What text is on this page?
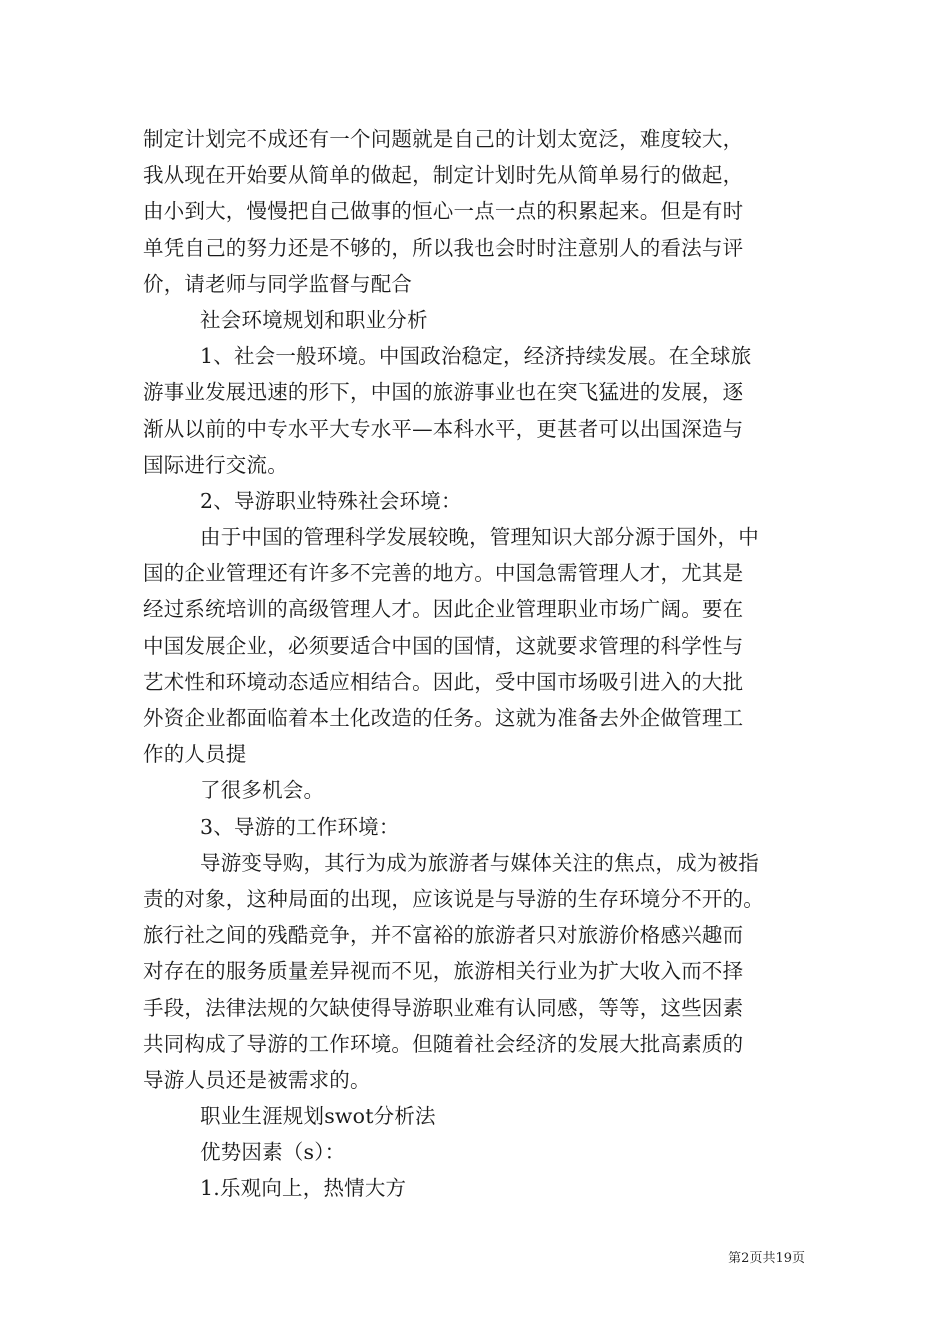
制定计划完不成还有一个问题就是自己的计划太宽泛，难度较大，
我从现在开始要从简单的做起，制定计划时先从简单易行的做起，
由小到大，慢慢把自己做事的恒心一点一点的积累起来。但是有时
单凭自己的努力还是不够的，所以我也会时时注意别人的看法与评
价，请老师与同学监督与配合
社会环境规划和职业分析
1、社会一般环境。中国政治稳定，经济持续发展。在全球旅
游事业发展迅速的形下，中国的旅游事业也在突飞猛进的发展，逐
渐从以前的中专水平大专水平—本科水平，更甚者可以出国深造与
国际进行交流。
2、导游职业特殊社会环境：
由于中国的管理科学发展较晚，管理知识大部分源于国外，中
国的企业管理还有许多不完善的地方。中国急需管理人才，尤其是
经过系统培训的高级管理人才。因此企业管理职业市场广阔。要在
中国发展企业，必须要适合中国的国情，这就要求管理的科学性与
艺术性和环境动态适应相结合。因此，受中国市场吸引进入的大批
外资企业都面临着本土化改造的任务。这就为准备去外企做管理工
作的人员提
了很多机会。
3、导游的工作环境：
导游变导购，其行为成为旅游者与媒体关注的焦点，成为被指
责的对象，这种局面的出现，应该说是与导游的生存环境分不开的。
旅行社之间的残酷竞争，并不富裕的旅游者只对旅游价格感兴趣而
对存在的服务质量差异视而不见，旅游相关行业为扩大收入而不择
手段，法律法规的欠缺使得导游职业难有认同感，等等，这些因素
共同构成了导游的工作环境。但随着社会经济的发展大批高素质的
导游人员还是被需求的。
职业生涯规划swot分析法
优势因素（s）：
1.乐观向上，热情大方
第2页共19页
